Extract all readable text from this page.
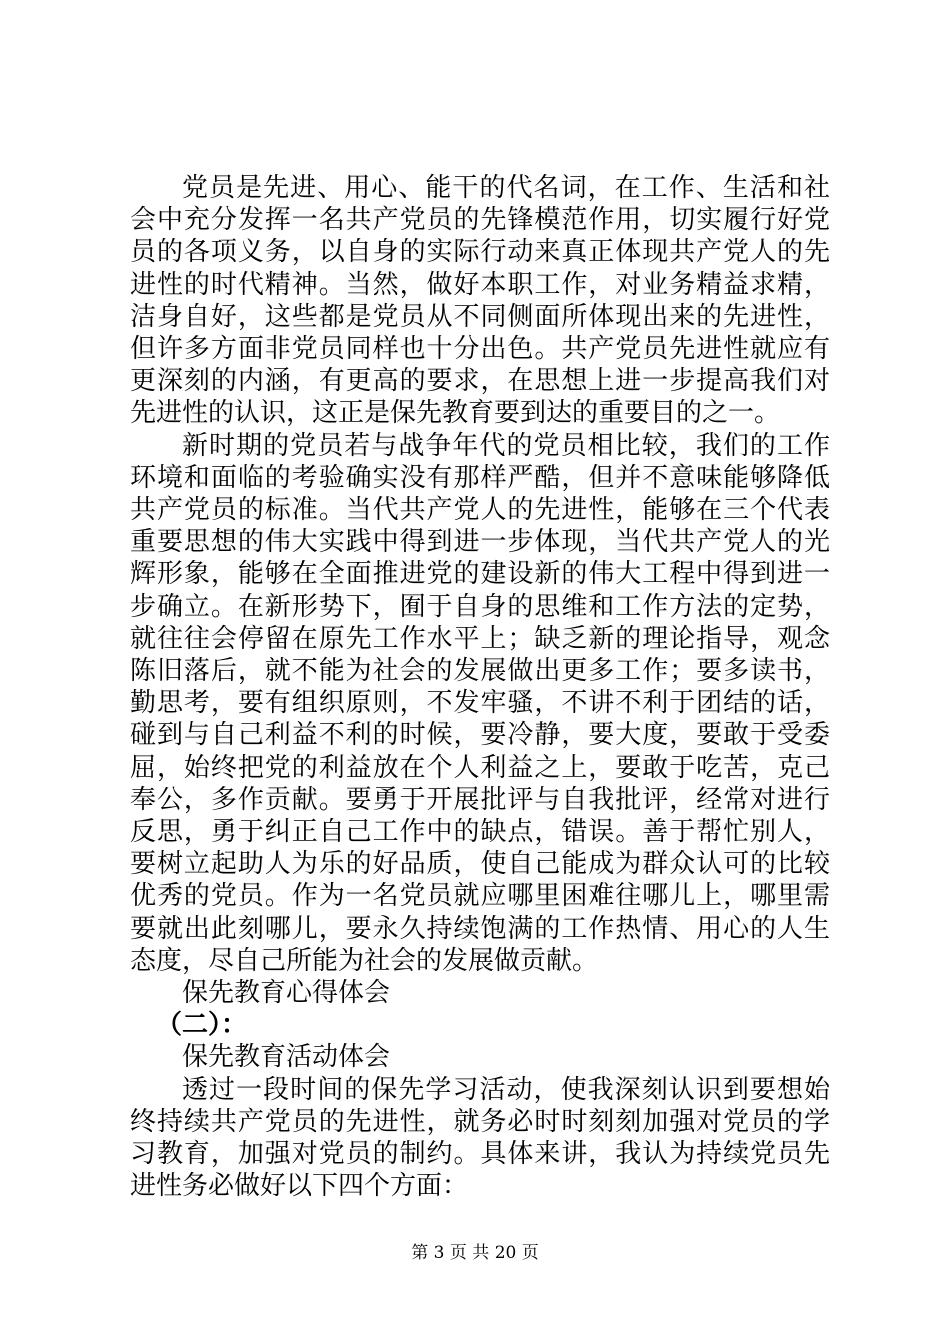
党员是先进、用心、能干的代名词，在工作、生活和社会中充分发挥一名共产党员的先锋模范作用，切实履行好党员的各项义务，以自身的实际行动来真正体现共产党人的先进性的时代精神。当然，做好本职工作，对业务精益求精，洁身自好，这些都是党员从不同侧面所体现出来的先进性，但许多方面非党员同样也十分出色。共产党员先进性就应有更深刻的内涵，有更高的要求，在思想上进一步提高我们对先进性的认识，这正是保先教育要到达的重要目的之一。

新时期的党员若与战争年代的党员相比较，我们的工作环境和面临的考验确实没有那样严酷，但并不意味能够降低共产党员的标准。当代共产党人的先进性，能够在三个代表重要思想的伟大实践中得到进一步体现，当代共产党人的光辉形象，能够在全面推进党的建设新的伟大工程中得到进一步确立。在新形势下，囿于自身的思维和工作方法的定势，就往往会停留在原先工作水平上；缺乏新的理论指导，观念陈旧落后，就不能为社会的发展做出更多工作；要多读书，勤思考，要有组织原则，不发牢骚，不讲不利于团结的话，碰到与自己利益不利的时候，要冷静，要大度，要敢于受委屈，始终把党的利益放在个人利益之上，要敢于吃苦，克己奉公，多作贡献。要勇于开展批评与自我批评，经常对进行反思，勇于纠正自己工作中的缺点，错误。善于帮忙别人，要树立起助人为乐的好品质，使自己能成为群众认可的比较优秀的党员。作为一名党员就应哪里困难往哪儿上，哪里需要就出此刻哪儿，要永久持续饱满的工作热情、用心的人生态度，尽自己所能为社会的发展做贡献。

保先教育心得体会

（二）：

保先教育活动体会

透过一段时间的保先学习活动，使我深刻认识到要想始终持续共产党员的先进性，就务必时时刻刻加强对党员的学习教育，加强对党员的制约。具体来讲，我认为持续党员先进性务必做好以下四个方面：

第 3 页 共 20 页
